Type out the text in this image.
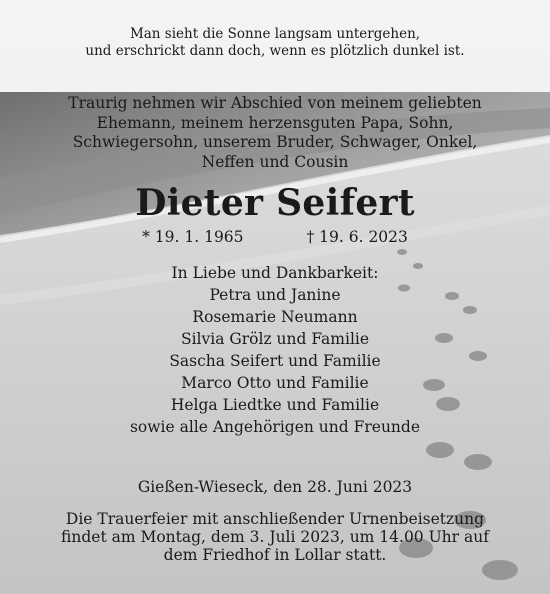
Man sieht die Sonne langsam untergehen,
und erschrickt dann doch, wenn es plötzlich dunkel ist.
Traurig nehmen wir Abschied von meinem geliebten
Ehemann, meinem herzensguten Papa, Sohn,
Schwiegersohn, unserem Bruder, Schwager, Onkel,
Neffen und Cousin
Dieter Seifert
* 19. 1. 1965	† 19. 6. 2023
In Liebe und Dankbarkeit:
Petra und Janine
Rosemarie Neumann
Silvia Grölz und Familie
Sascha Seifert und Familie
Marco Otto und Familie
Helga Liedtke und Familie
sowie alle Angehörigen und Freunde
Gießen-Wieseck, den 28. Juni 2023
Die Trauerfeier mit anschließender Urnenbeisetzung
findet am Montag, dem 3. Juli 2023, um 14.00 Uhr auf
dem Friedhof in Lollar statt.
